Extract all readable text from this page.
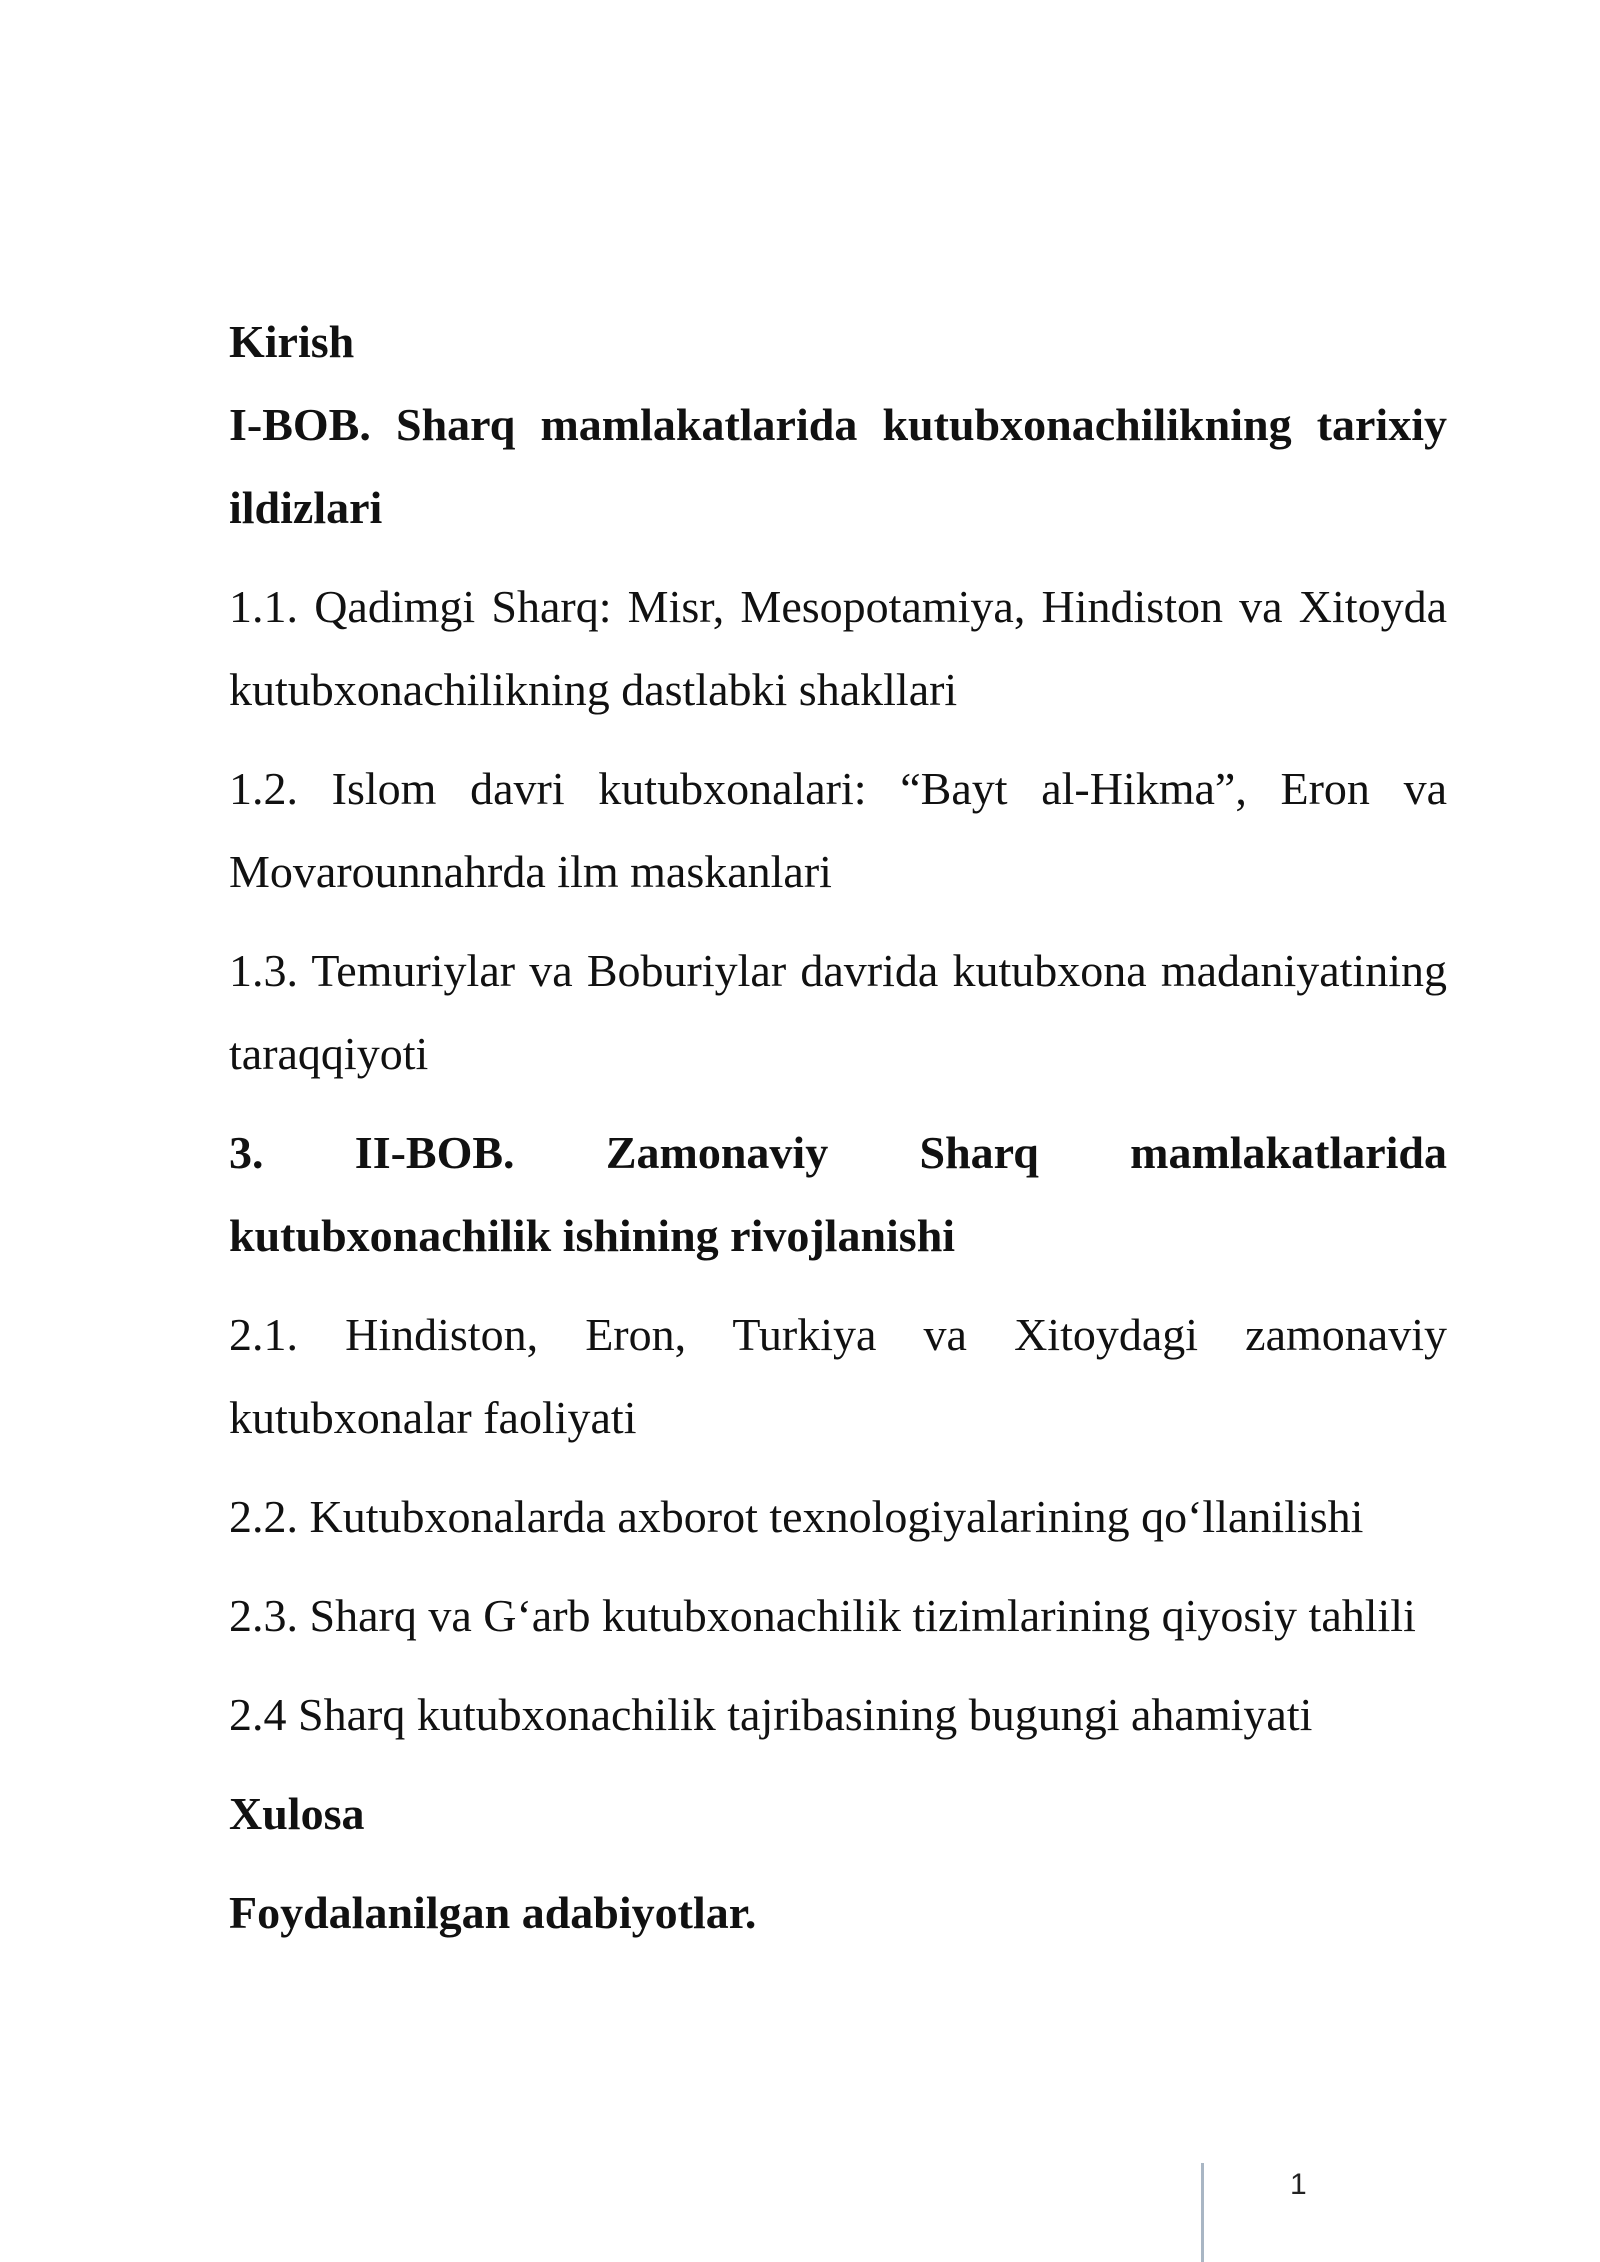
Kirish

I-BOB. Sharq mamlakatlarida kutubxonachilikning tarixiy ildizlari

1.1. Qadimgi Sharq: Misr, Mesopotamiya, Hindiston va Xitoyda kutubxonachilikning dastlabki shakllari

1.2. Islom davri kutubxonalari: “Bayt al-Hikma”, Eron va Movarounnahrda ilm maskanlari

1.3. Temuriylar va Boburiylar davrida kutubxona madaniyatining taraqqiyoti

3. II-BOB. Zamonaviy Sharq mamlakatlarida kutubxonachilik ishining rivojlanishi

2.1. Hindiston, Eron, Turkiya va Xitoydagi zamonaviy kutubxonalar faoliyati

2.2. Kutubxonalarda axborot texnologiyalarining qo‘llanilishi

2.3. Sharq va G‘arb kutubxonachilik tizimlarining qiyosiy tahlili

2.4 Sharq kutubxonachilik tajribasining bugungi ahamiyati

Xulosa

Foydalanilgan adabiyotlar.

1
